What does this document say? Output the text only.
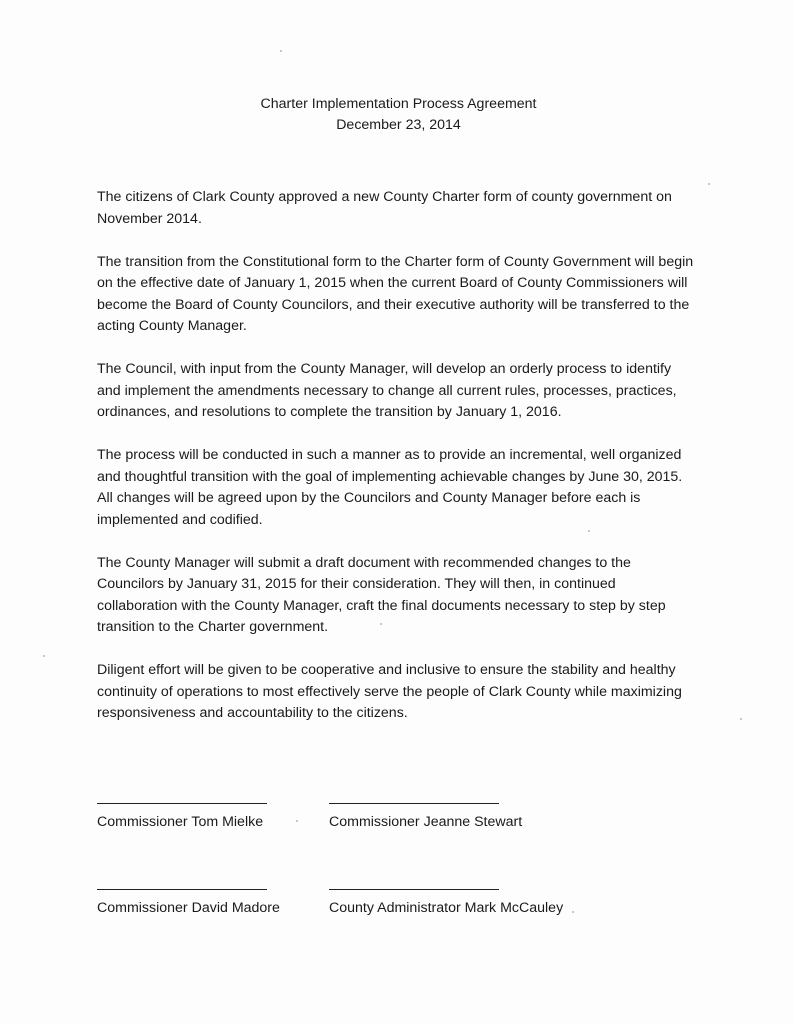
Charter Implementation Process Agreement
December 23, 2014

The citizens of Clark County approved a new County Charter form of county government on November 2014.

The transition from the Constitutional form to the Charter form of County Government will begin on the effective date of January 1, 2015 when the current Board of County Commissioners will become the Board of County Councilors, and their executive authority will be transferred to the acting County Manager.

The Council, with input from the County Manager, will develop an orderly process to identify and implement the amendments necessary to change all current rules, processes, practices, ordinances, and resolutions to complete the transition by January 1, 2016.

The process will be conducted in such a manner as to provide an incremental, well organized and thoughtful transition with the goal of implementing achievable changes by June 30, 2015. All changes will be agreed upon by the Councilors and County Manager before each is implemented and codified.

The County Manager will submit a draft document with recommended changes to the Councilors by January 31, 2015 for their consideration. They will then, in continued collaboration with the County Manager, craft the final documents necessary to step by step transition to the Charter government.

Diligent effort will be given to be cooperative and inclusive to ensure the stability and healthy continuity of operations to most effectively serve the people of Clark County while maximizing responsiveness and accountability to the citizens.

Commissioner Tom Mielke	Commissioner Jeanne Stewart
Commissioner David Madore	County Administrator Mark McCauley
